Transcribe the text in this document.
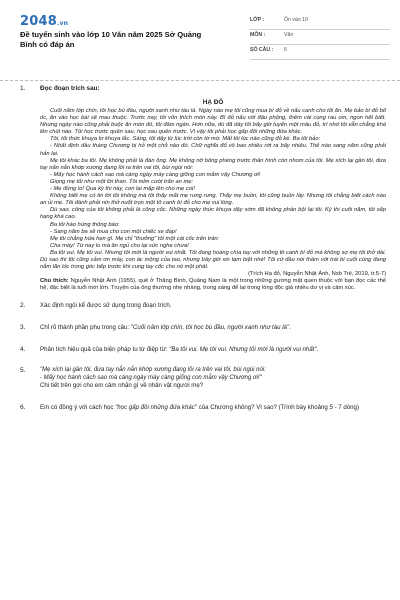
2048.vn
Đề tuyển sinh vào lớp 10 Văn năm 2025 Sở Quảng Bình có đáp án
LỚP :	Ôn vào 10
MÔN :	Văn
SỐ CÂU : 6
1. Đọc đoạn trích sau:
HẠ ĐỎ

Cuối năm lớp chín, tôi học bù đầu, người xanh như tàu lá. Ngày nào mẹ tôi cũng mua bí đỏ về nấu canh cho tôi ăn. Mẹ bảo bí đỏ bổ óc, ăn vào học bài sẽ mau thuộc. Trước nay, tôi vốn thích món này. Bí đỏ nấu với đậu phộng, thêm vài cọng rau om, ngon hết biết. Nhưng ngày nào cũng phải buộc ăn món đó, tôi đâm ngán. Hơn nữa, dù đã dày tôi bấy giờ tuyển một mâu đỏ, trí nhớ tôi vẫn chẳng khá lên chút nào. Tôi học trước quên sau, học sau quên trước. Vì vậy tôi phải học gấp đôi những đứa khác.

Tôi, tôi thức khuya lơ khuya lắc. Sáng, tôi dậy từ lúc trời còn tờ mờ. Mất tôi lúc nào cũng đỏ kè. Ba tôi bảo:

- Nhất định đầu tháng Chương bị hỏ một chỗ nào đó. Chữ nghĩa đổ vô bao nhiêu rớt ra bấy nhiêu. Thế nào sang năm cũng phải hản lại.

Mẹ tôi khác ba tôi. Mẹ không phải là đàn ông. Mẹ không nỡ bông phèng trước thân hình còn nhom của tôi. Mẹ xích lại gần tôi, đưa tay nắn nắn khớp xương đang lồi ra trên vai tôi, bùi ngùi nói:

- Mấy học hành cách sao mà càng ngày mày càng giống con mắm vậy Chương ơi!

Giọng mẹ tôi như một lời than. Tôi mỉm cười trấn an mẹ:

- Mẹ đừng lo! Qua kỳ thi này, con lại mập lên cho mẹ coi!

Không biết mẹ có tin lời tôi không mà tôi thấy mắt mẹ rưng rưng. Thấy mẹ buồn, tôi cũng buồn lây. Nhưng tôi chẳng biết cách nào an ủi mẹ. Tôi đành phải nín thở nuốt trọn một tô canh bí đỏ cho mẹ vui lòng.

Dù sao, công của tôi không phải là công cốc. Những ngày thức khuya dậy sớm đã không phản bội lại tôi. Kỳ thi cuối năm, tôi xếp hạng khá cao.

Ba tôi hào hứng thông báo:

- Sang năm ba sẽ mua cho con một chiếc xe đạp!

Mẹ tôi chẳng hứa hẹn gì. Mẹ chỉ "thưởng" tôi một cái cốc trên trán:

Cha mày! Từ nay lo mà ăn ngủ cho lại sức nghe chưa!

Ba tôi vui. Mẹ tôi vui. Nhưng tôi mới là người vui nhất. Tôi đang hoàng chìa tay với những tô canh bí đỏ mà không sợ mẹ tôi thở dài. Dù sao thì tôi cũng cảm ơn mày, con ác mộng của tao, nhưng bây giờ xin tạm biệt nhé! Tôi cứ đầu nói thầm với trái bí cuối cùng đang nằm lăn lóc trong góc bếp trước khi cung tay cốc cho nó một phát.

(Trích Hạ đỏ, Nguyễn Nhật Ánh, Nxb Trẻ, 2019, tr.5-7)
Chú thích: Nguyễn Nhật Ánh (1955), quê ở Thăng Bình, Quảng Nam là một trong những gương mặt quen thuộc với bạn đọc các thế hệ, đặc biệt là tuổi mới lớn. Truyện của ông thường nhẹ nhàng, trong sáng để lại trong lòng độc giả nhiều dư vị và cảm xúc.
2. Xác định ngôi kể được sử dụng trong đoạn trích.
3. Chỉ rõ thành phần phụ trong câu: "Cuối năm lớp chín, tôi học bù đầu, người xanh như tàu lá".
4. Phân tích hiệu quả của biện pháp tu từ điệp từ: "Ba tôi vui. Mẹ tôi vui. Nhưng tôi mới là người vui nhất".
5. "Mẹ xích lại gần tôi, đưa tay nắn nắn khớp xương đang lồi ra trên vai tôi, bùi ngùi nói:
- Mấy học hành cách sao mà càng ngày mày càng giống con mắm vậy Chương ơi!"
Chi tiết trên gợi cho em cảm nhận gì về nhân vật người mẹ?
6. Em có đồng ý với cách học "học gấp đôi những đứa khác" của Chương không? Vì sao? (Trình bày khoảng 5 - 7 dòng)
